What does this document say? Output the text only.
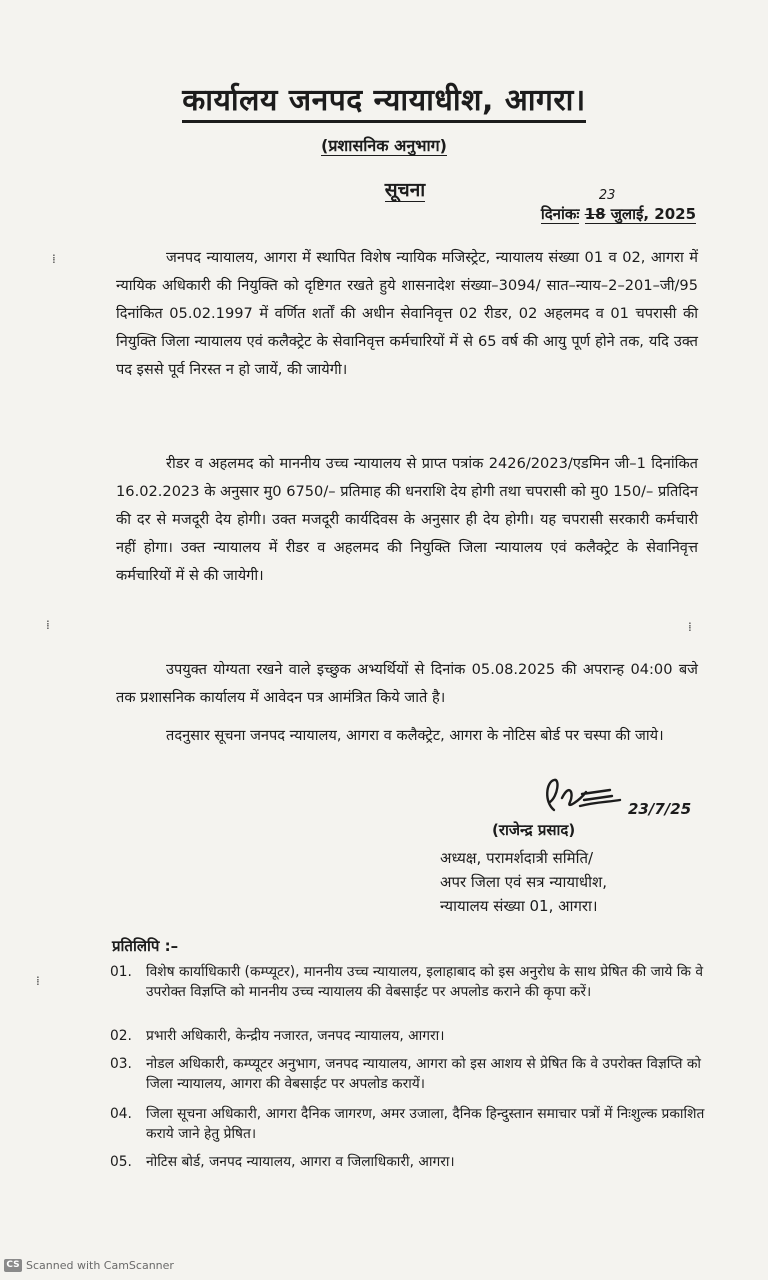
⁞
⁞	⁞
⁞
कार्यालय जनपद न्यायाधीश, आगरा।
(प्रशासनिक अनुभाग)
सूचना
दिनांकः 18 जुलाई, 2025
23

जनपद न्यायालय, आगरा में स्थापित विशेष न्यायिक मजिस्ट्रेट, न्यायालय संख्या 01 व 02, आगरा में न्यायिक अधिकारी की नियुक्ति को दृष्टिगत रखते हुये शासनादेश संख्या–3094/ सात–न्याय–2–201–जी/95 दिनांकित 05.02.1997 में वर्णित शर्तों की अधीन सेवानिवृत्त 02 रीडर, 02 अहलमद व 01 चपरासी की नियुक्ति जिला न्यायालय एवं कलैक्ट्रेट के सेवानिवृत्त कर्मचारियों में से 65 वर्ष की आयु पूर्ण होने तक, यदि उक्त पद इससे पूर्व निरस्त न हो जायें, की जायेगी।

रीडर व अहलमद को माननीय उच्च न्यायालय से प्राप्त पत्रांक 2426/2023/एडमिन जी–1 दिनांकित 16.02.2023 के अनुसार मु0 6750/– प्रतिमाह की धनराशि देय होगी तथा चपरासी को मु0 150/– प्रतिदिन की दर से मजदूरी देय होगी। उक्त मजदूरी कार्यदिवस के अनुसार ही देय होगी। यह चपरासी सरकारी कर्मचारी नहीं होगा। उक्त न्यायालय में रीडर व अहलमद की नियुक्ति जिला न्यायालय एवं कलैक्ट्रेट के सेवानिवृत्त कर्मचारियों में से की जायेगी।

उपयुक्त योग्यता रखने वाले इच्छुक अभ्यर्थियों से दिनांक 05.08.2025 की अपरान्ह 04:00 बजे तक प्रशासनिक कार्यालय में आवेदन पत्र आमंत्रित किये जाते है।

तदनुसार सूचना जनपद न्यायालय, आगरा व कलैक्ट्रेट, आगरा के नोटिस बोर्ड पर चस्पा की जाये।

23/7/25
(राजेन्द्र प्रसाद)
अध्यक्ष, परामर्शदात्री समिति/
अपर जिला एवं सत्र न्यायाधीश,
न्यायालय संख्या 01, आगरा।
प्रतिलिपि :–
01.	विशेष कार्याधिकारी (कम्प्यूटर), माननीय उच्च न्यायालय, इलाहाबाद को इस अनुरोध के साथ प्रेषित की जाये कि वे उपरोक्त विज्ञप्ति को माननीय उच्च न्यायालय की वेबसाईट पर अपलोड कराने की कृपा करें।
02.	प्रभारी अधिकारी, केन्द्रीय नजारत, जनपद न्यायालय, आगरा।
03.	नोडल अधिकारी, कम्प्यूटर अनुभाग, जनपद न्यायालय, आगरा को इस आशय से प्रेषित कि वे उपरोक्त विज्ञप्ति को जिला न्यायालय, आगरा की वेबसाईट पर अपलोड करायें।
04.	जिला सूचना अधिकारी, आगरा दैनिक जागरण, अमर उजाला, दैनिक हिन्दुस्तान समाचार पत्रों में निःशुल्क प्रकाशित कराये जाने हेतु प्रेषित।
05.	नोटिस बोर्ड, जनपद न्यायालय, आगरा व जिलाधिकारी, आगरा।
CS Scanned with CamScanner
